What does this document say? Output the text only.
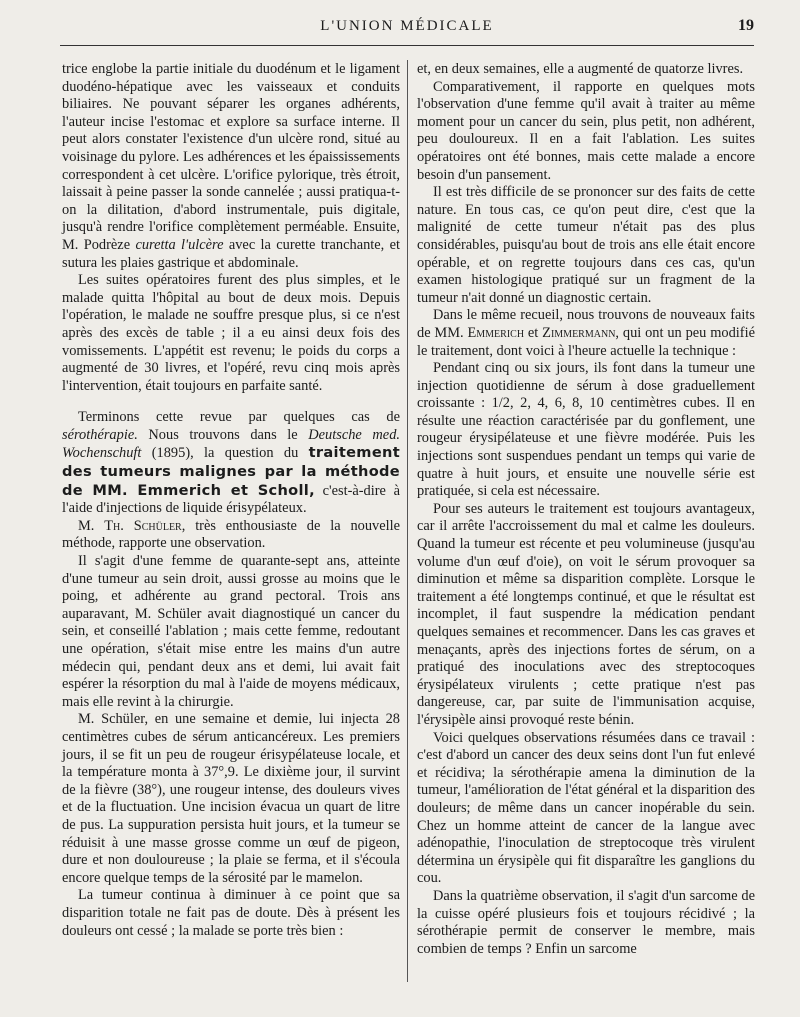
L'UNION MÉDICALE	19

trice englobe la partie initiale du duodénum et le ligament duodéno-hépatique avec les vaisseaux et conduits biliaires. Ne pouvant séparer les organes adhérents, l'auteur incise l'estomac et explore sa surface interne. Il peut alors constater l'existence d'un ulcère rond, situé au voisinage du pylore. Les adhérences et les épaississements correspondent à cet ulcère. L'orifice pylorique, très étroit, laissait à peine passer la sonde cannelée ; aussi pratiqua-t-on la dilitation, d'abord instrumentale, puis digitale, jusqu'à rendre l'orifice complètement perméable. Ensuite, M. Podrèze curetta l'ulcère avec la curette tranchante, et sutura les plaies gastrique et abdominale.

Les suites opératoires furent des plus simples, et le malade quitta l'hôpital au bout de deux mois. Depuis l'opération, le malade ne souffre presque plus, si ce n'est après des excès de table ; il a eu ainsi deux fois des vomissements. L'appétit est revenu; le poids du corps a augmenté de 30 livres, et l'opéré, revu cinq mois après l'intervention, était toujours en parfaite santé.

Terminons cette revue par quelques cas de sérothérapie. Nous trouvons dans le Deutsche med. Wochenschuft (1895), la question du traitement des tumeurs malignes par la méthode de MM. Emmerich et Scholl, c'est-à-dire à l'aide d'injections de liquide érisypélateux.

M. Th. Schüler, très enthousiaste de la nouvelle méthode, rapporte une observation.

Il s'agit d'une femme de quarante-sept ans, atteinte d'une tumeur au sein droit, aussi grosse au moins que le poing, et adhérente au grand pectoral. Trois ans auparavant, M. Schüler avait diagnostiqué un cancer du sein, et conseillé l'ablation ; mais cette femme, redoutant une opération, s'était mise entre les mains d'un autre médecin qui, pendant deux ans et demi, lui avait fait espérer la résorption du mal à l'aide de moyens médicaux, mais elle revint à la chirurgie.

M. Schüler, en une semaine et demie, lui injecta 28 centimètres cubes de sérum anticancéreux. Les premiers jours, il se fit un peu de rougeur érisypélateuse locale, et la température monta à 37°,9. Le dixième jour, il survint de la fièvre (38°), une rougeur intense, des douleurs vives et de la fluctuation. Une incision évacua un quart de litre de pus. La suppuration persista huit jours, et la tumeur se réduisit à une masse grosse comme un œuf de pigeon, dure et non douloureuse ; la plaie se ferma, et il s'écoula encore quelque temps de la sérosité par le mamelon.

La tumeur continua à diminuer à ce point que sa disparition totale ne fait pas de doute. Dès à présent les douleurs ont cessé ; la malade se porte très bien :

et, en deux semaines, elle a augmenté de quatorze livres.

Comparativement, il rapporte en quelques mots l'observation d'une femme qu'il avait à traiter au même moment pour un cancer du sein, plus petit, non adhérent, peu douloureux. Il en a fait l'ablation. Les suites opératoires ont été bonnes, mais cette malade a encore besoin d'un pansement.

Il est très difficile de se prononcer sur des faits de cette nature. En tous cas, ce qu'on peut dire, c'est que la malignité de cette tumeur n'était pas des plus considérables, puisqu'au bout de trois ans elle était encore opérable, et on regrette toujours dans ces cas, qu'un examen histologique pratiqué sur un fragment de la tumeur n'ait donné un diagnostic certain.

Dans le même recueil, nous trouvons de nouveaux faits de MM. Emmerich et Zimmermann, qui ont un peu modifié le traitement, dont voici à l'heure actuelle la technique :

Pendant cinq ou six jours, ils font dans la tumeur une injection quotidienne de sérum à dose graduellement croissante : 1/2, 2, 4, 6, 8, 10 centimètres cubes. Il en résulte une réaction caractérisée par du gonflement, une rougeur érysipélateuse et une fièvre modérée. Puis les injections sont suspendues pendant un temps qui varie de quatre à huit jours, et ensuite une nouvelle série est pratiquée, si cela est nécessaire.

Pour ses auteurs le traitement est toujours avantageux, car il arrête l'accroissement du mal et calme les douleurs. Quand la tumeur est récente et peu volumineuse (jusqu'au volume d'un œuf d'oie), on voit le sérum provoquer sa diminution et même sa disparition complète. Lorsque le traitement a été longtemps continué, et que le résultat est incomplet, il faut suspendre la médication pendant quelques semaines et recommencer. Dans les cas graves et menaçants, après des injections fortes de sérum, on a pratiqué des inoculations avec des streptocoques érysipélateux virulents ; cette pratique n'est pas dangereuse, car, par suite de l'immunisation acquise, l'érysipèle ainsi provoqué reste bénin.

Voici quelques observations résumées dans ce travail : c'est d'abord un cancer des deux seins dont l'un fut enlevé et récidiva; la sérothérapie amena la diminution de la tumeur, l'amélioration de l'état général et la disparition des douleurs; de même dans un cancer inopérable du sein. Chez un homme atteint de cancer de la langue avec adénopathie, l'inoculation de streptocoque très virulent détermina un érysipèle qui fit disparaître les ganglions du cou.

Dans la quatrième observation, il s'agit d'un sarcome de la cuisse opéré plusieurs fois et toujours récidivé ; la sérothérapie permit de conserver le membre, mais combien de temps ? Enfin un sarcome
